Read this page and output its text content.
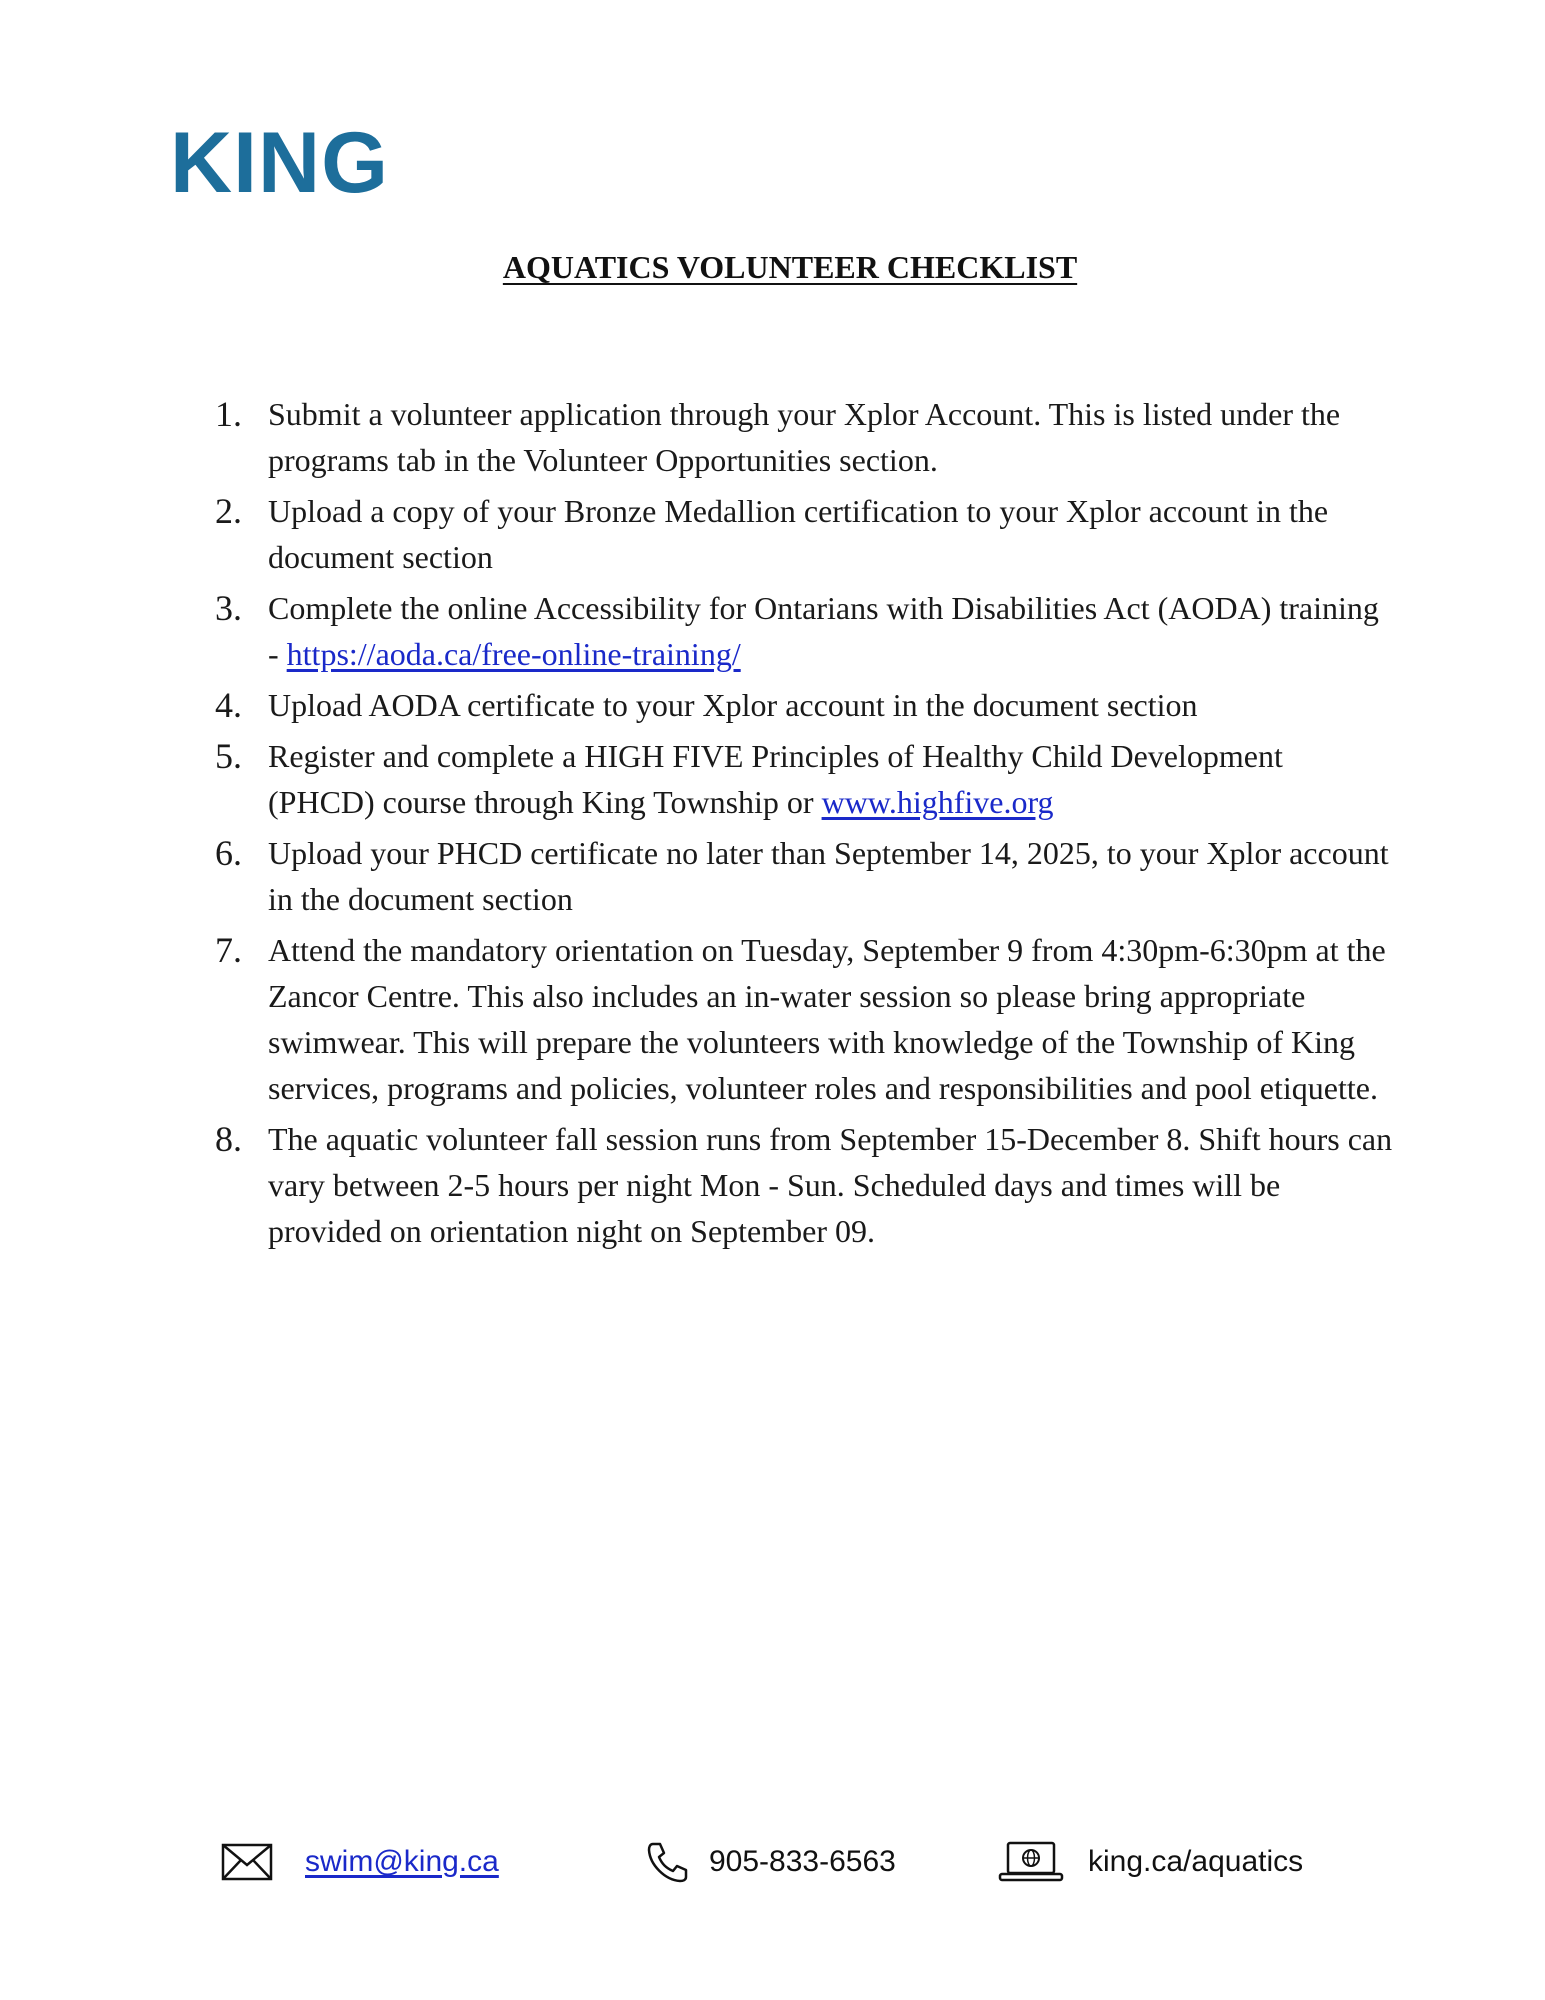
KING
AQUATICS VOLUNTEER CHECKLIST
1. Submit a volunteer application through your Xplor Account. This is listed under the programs tab in the Volunteer Opportunities section.
2. Upload a copy of your Bronze Medallion certification to your Xplor account in the document section
3. Complete the online Accessibility for Ontarians with Disabilities Act (AODA) training - https://aoda.ca/free-online-training/
4. Upload AODA certificate to your Xplor account in the document section
5. Register and complete a HIGH FIVE Principles of Healthy Child Development (PHCD) course through King Township or www.highfive.org
6. Upload your PHCD certificate no later than September 14, 2025, to your Xplor account in the document section
7. Attend the mandatory orientation on Tuesday, September 9 from 4:30pm-6:30pm at the Zancor Centre. This also includes an in-water session so please bring appropriate swimwear. This will prepare the volunteers with knowledge of the Township of King services, programs and policies, volunteer roles and responsibilities and pool etiquette.
8. The aquatic volunteer fall session runs from September 15-December 8. Shift hours can vary between 2-5 hours per night Mon - Sun. Scheduled days and times will be provided on orientation night on September 09.
swim@king.ca	905-833-6563	king.ca/aquatics
